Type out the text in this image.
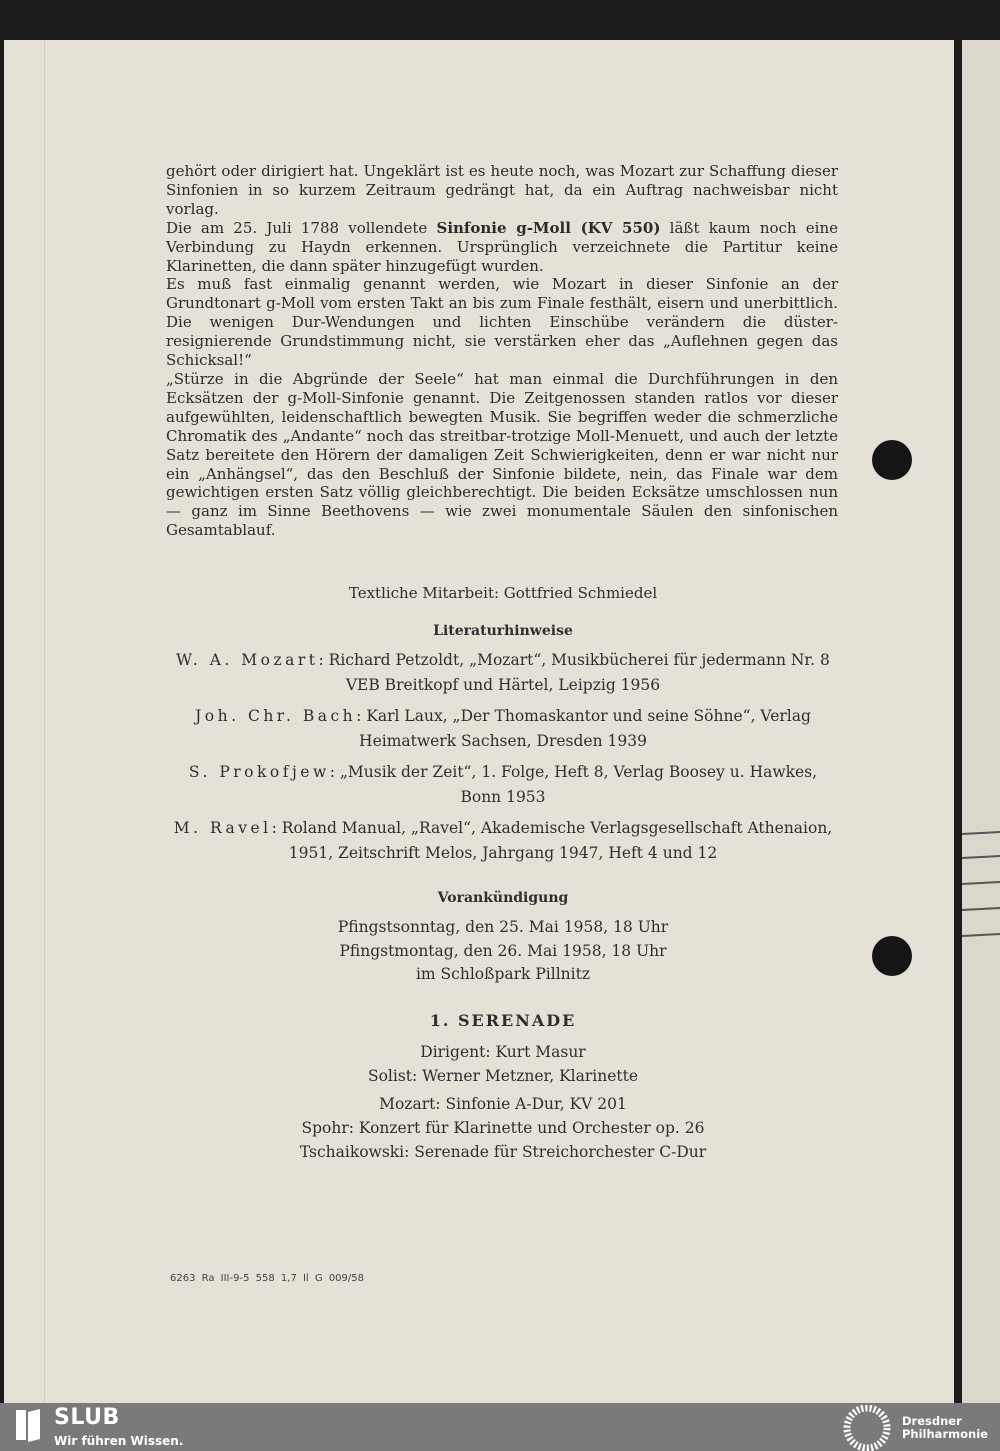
gehört oder dirigiert hat. Ungeklärt ist es heute noch, was Mozart zur Schaffung dieser Sinfonien in so kurzem Zeitraum gedrängt hat, da ein Auftrag nachweisbar nicht vorlag.

Die am 25. Juli 1788 vollendete Sinfonie g-Moll (KV 550) läßt kaum noch eine Verbindung zu Haydn erkennen. Ursprünglich verzeichnete die Partitur keine Klarinetten, die dann später hinzugefügt wurden.

Es muß fast einmalig genannt werden, wie Mozart in dieser Sinfonie an der Grundtonart g-Moll vom ersten Takt an bis zum Finale festhält, eisern und unerbittlich. Die wenigen Dur-Wendungen und lichten Einschübe verändern die düster-resignierende Grundstimmung nicht, sie verstärken eher das „Auflehnen gegen das Schicksal!“

„Stürze in die Abgründe der Seele“ hat man einmal die Durchführungen in den Ecksätzen der g-Moll-Sinfonie genannt. Die Zeitgenossen standen ratlos vor dieser aufgewühlten, leidenschaftlich bewegten Musik. Sie begriffen weder die schmerzliche Chromatik des „Andante“ noch das streitbar-trotzige Moll-Menuett, und auch der letzte Satz bereitete den Hörern der damaligen Zeit Schwierigkeiten, denn er war nicht nur ein „Anhängsel“, das den Beschluß der Sinfonie bildete, nein, das Finale war dem gewichtigen ersten Satz völlig gleichberechtigt. Die beiden Ecksätze umschlossen nun — ganz im Sinne Beethovens — wie zwei monumentale Säulen den sinfonischen Gesamtablauf.

Textliche Mitarbeit: Gottfried Schmiedel
Literaturhinweise
W. A. Mozart: Richard Petzoldt, „Mozart“, Musikbücherei für jedermann Nr. 8
VEB Breitkopf und Härtel, Leipzig 1956
Joh. Chr. Bach: Karl Laux, „Der Thomaskantor und seine Söhne“, Verlag
Heimatwerk Sachsen, Dresden 1939
S. Prokofjew: „Musik der Zeit“, 1. Folge, Heft 8, Verlag Boosey u. Hawkes,
Bonn 1953
M. Ravel: Roland Manual, „Ravel“, Akademische Verlagsgesellschaft Athenaion,
1951, Zeitschrift Melos, Jahrgang 1947, Heft 4 und 12
Vorankündigung
Pfingstsonntag, den 25. Mai 1958, 18 Uhr
Pfingstmontag, den 26. Mai 1958, 18 Uhr
im Schloßpark Pillnitz
1. SERENADE
Dirigent: Kurt Masur
Solist: Werner Metzner, Klarinette
Mozart: Sinfonie A-Dur, KV 201
Spohr: Konzert für Klarinette und Orchester op. 26
Tschaikowski: Serenade für Streichorchester C-Dur
6263 Ra III-9-5 558 1,7 Il G 009/58
SLUB
Wir führen Wissen.
Dresdner
Philharmonie
